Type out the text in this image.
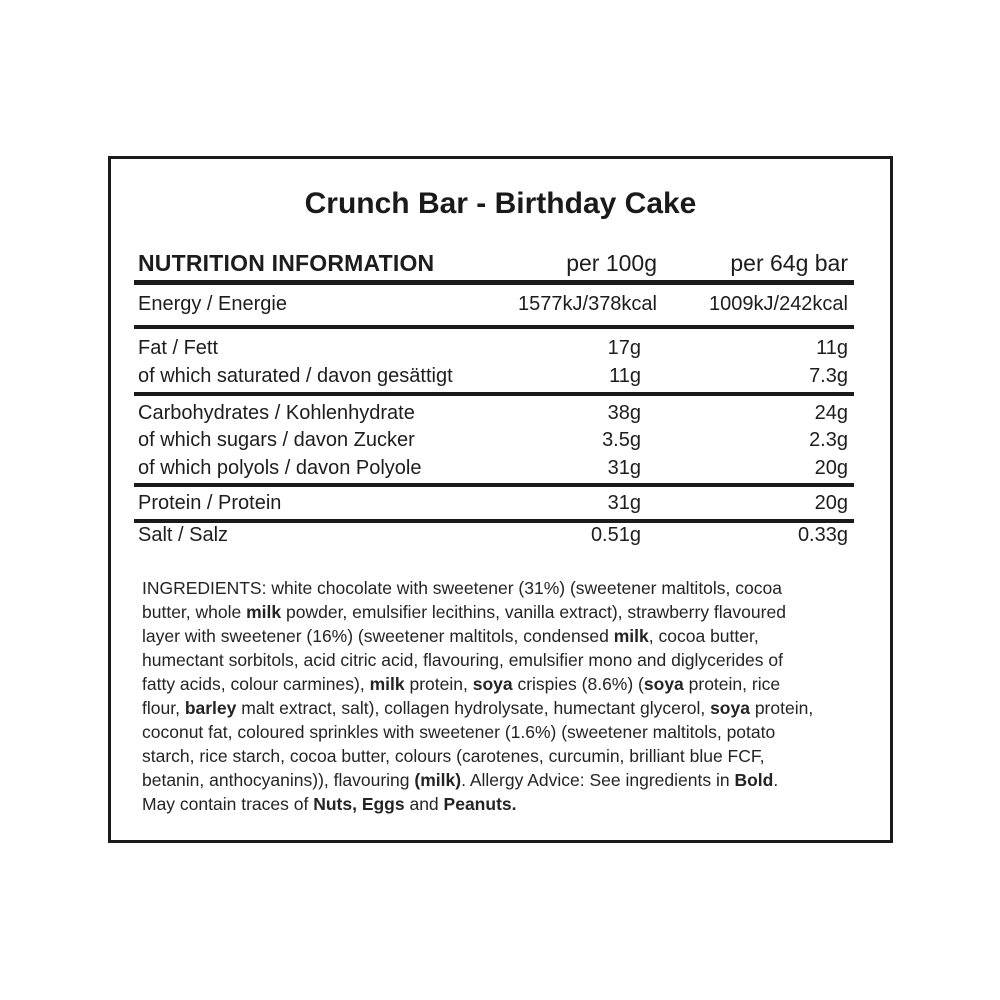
Crunch Bar - Birthday Cake
NUTRITION INFORMATION	per 100g	per 64g bar
Energy / Energie	1577kJ/378kcal	1009kJ/242kcal
Fat / Fett	17g	11g
of which saturated / davon gesättigt	11g	7.3g
Carbohydrates / Kohlenhydrate	38g	24g
of which sugars / davon Zucker	3.5g	2.3g
of which polyols / davon Polyole	31g	20g
Protein / Protein	31g	20g
Salt / Salz	0.51g	0.33g
INGREDIENTS: white chocolate with sweetener (31%) (sweetener maltitols, cocoa
butter, whole milk powder, emulsifier lecithins, vanilla extract), strawberry flavoured
layer with sweetener (16%) (sweetener maltitols, condensed milk, cocoa butter,
humectant sorbitols, acid citric acid, flavouring, emulsifier mono and diglycerides of
fatty acids, colour carmines), milk protein, soya crispies (8.6%) (soya protein, rice
flour, barley malt extract, salt), collagen hydrolysate, humectant glycerol, soya protein,
coconut fat, coloured sprinkles with sweetener (1.6%) (sweetener maltitols, potato
starch, rice starch, cocoa butter, colours (carotenes, curcumin, brilliant blue FCF,
betanin, anthocyanins)), flavouring (milk). Allergy Advice: See ingredients in Bold.
May contain traces of Nuts, Eggs and Peanuts.
